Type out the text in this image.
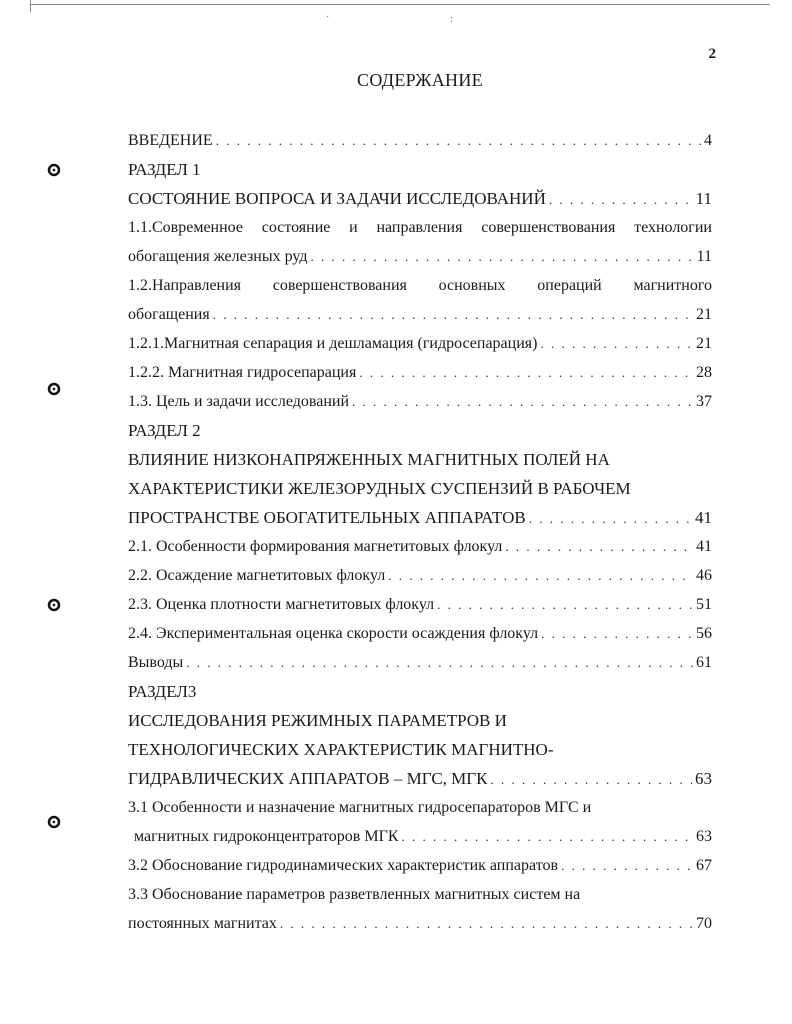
·	:
2
СОДЕРЖАНИЕ
ВВЕДЕНИЕ . . .	4
РАЗДЕЛ 1
СОСТОЯНИЕ ВОПРОСА И ЗАДАЧИ ИССЛЕДОВАНИЙ . . .	11
1.1.Современное состояние и направления совершенствования технологии
обогащения железных руд . . .	11
1.2.Направления совершенствования основных операций магнитного
обогащения . . .	21
1.2.1.Магнитная сепарация и дешламация (гидросепарация) . . .	21
1.2.2. Магнитная гидросепарация . . .	28
1.3. Цель и задачи исследований . . .	37
РАЗДЕЛ 2
ВЛИЯНИЕ НИЗКОНАПРЯЖЕННЫХ МАГНИТНЫХ ПОЛЕЙ НА
ХАРАКТЕРИСТИКИ ЖЕЛЕЗОРУДНЫХ СУСПЕНЗИЙ В РАБОЧЕМ
ПРОСТРАНСТВЕ ОБОГАТИТЕЛЬНЫХ АППАРАТОВ . . .	41
2.1. Особенности формирования магнетитовых флокул . . .	41
2.2. Осаждение магнетитовых флокул . . .	46
2.3. Оценка плотности магнетитовых флокул . . .	51
2.4. Экспериментальная оценка скорости осаждения флокул . . .	56
Выводы . . .	61
РАЗДЕЛ3
ИССЛЕДОВАНИЯ РЕЖИМНЫХ ПАРАМЕТРОВ И
ТЕХНОЛОГИЧЕСКИХ ХАРАКТЕРИСТИК МАГНИТНО-
ГИДРАВЛИЧЕСКИХ АППАРАТОВ – МГС, МГК . . .	63
3.1 Особенности и назначение магнитных гидросепараторов МГС и
магнитных гидроконцентраторов МГК . . .	63
3.2 Обоснование гидродинамических характеристик аппаратов . . .	67
3.3 Обоснование параметров разветвленных магнитных систем на
постоянных магнитах . . .	70
